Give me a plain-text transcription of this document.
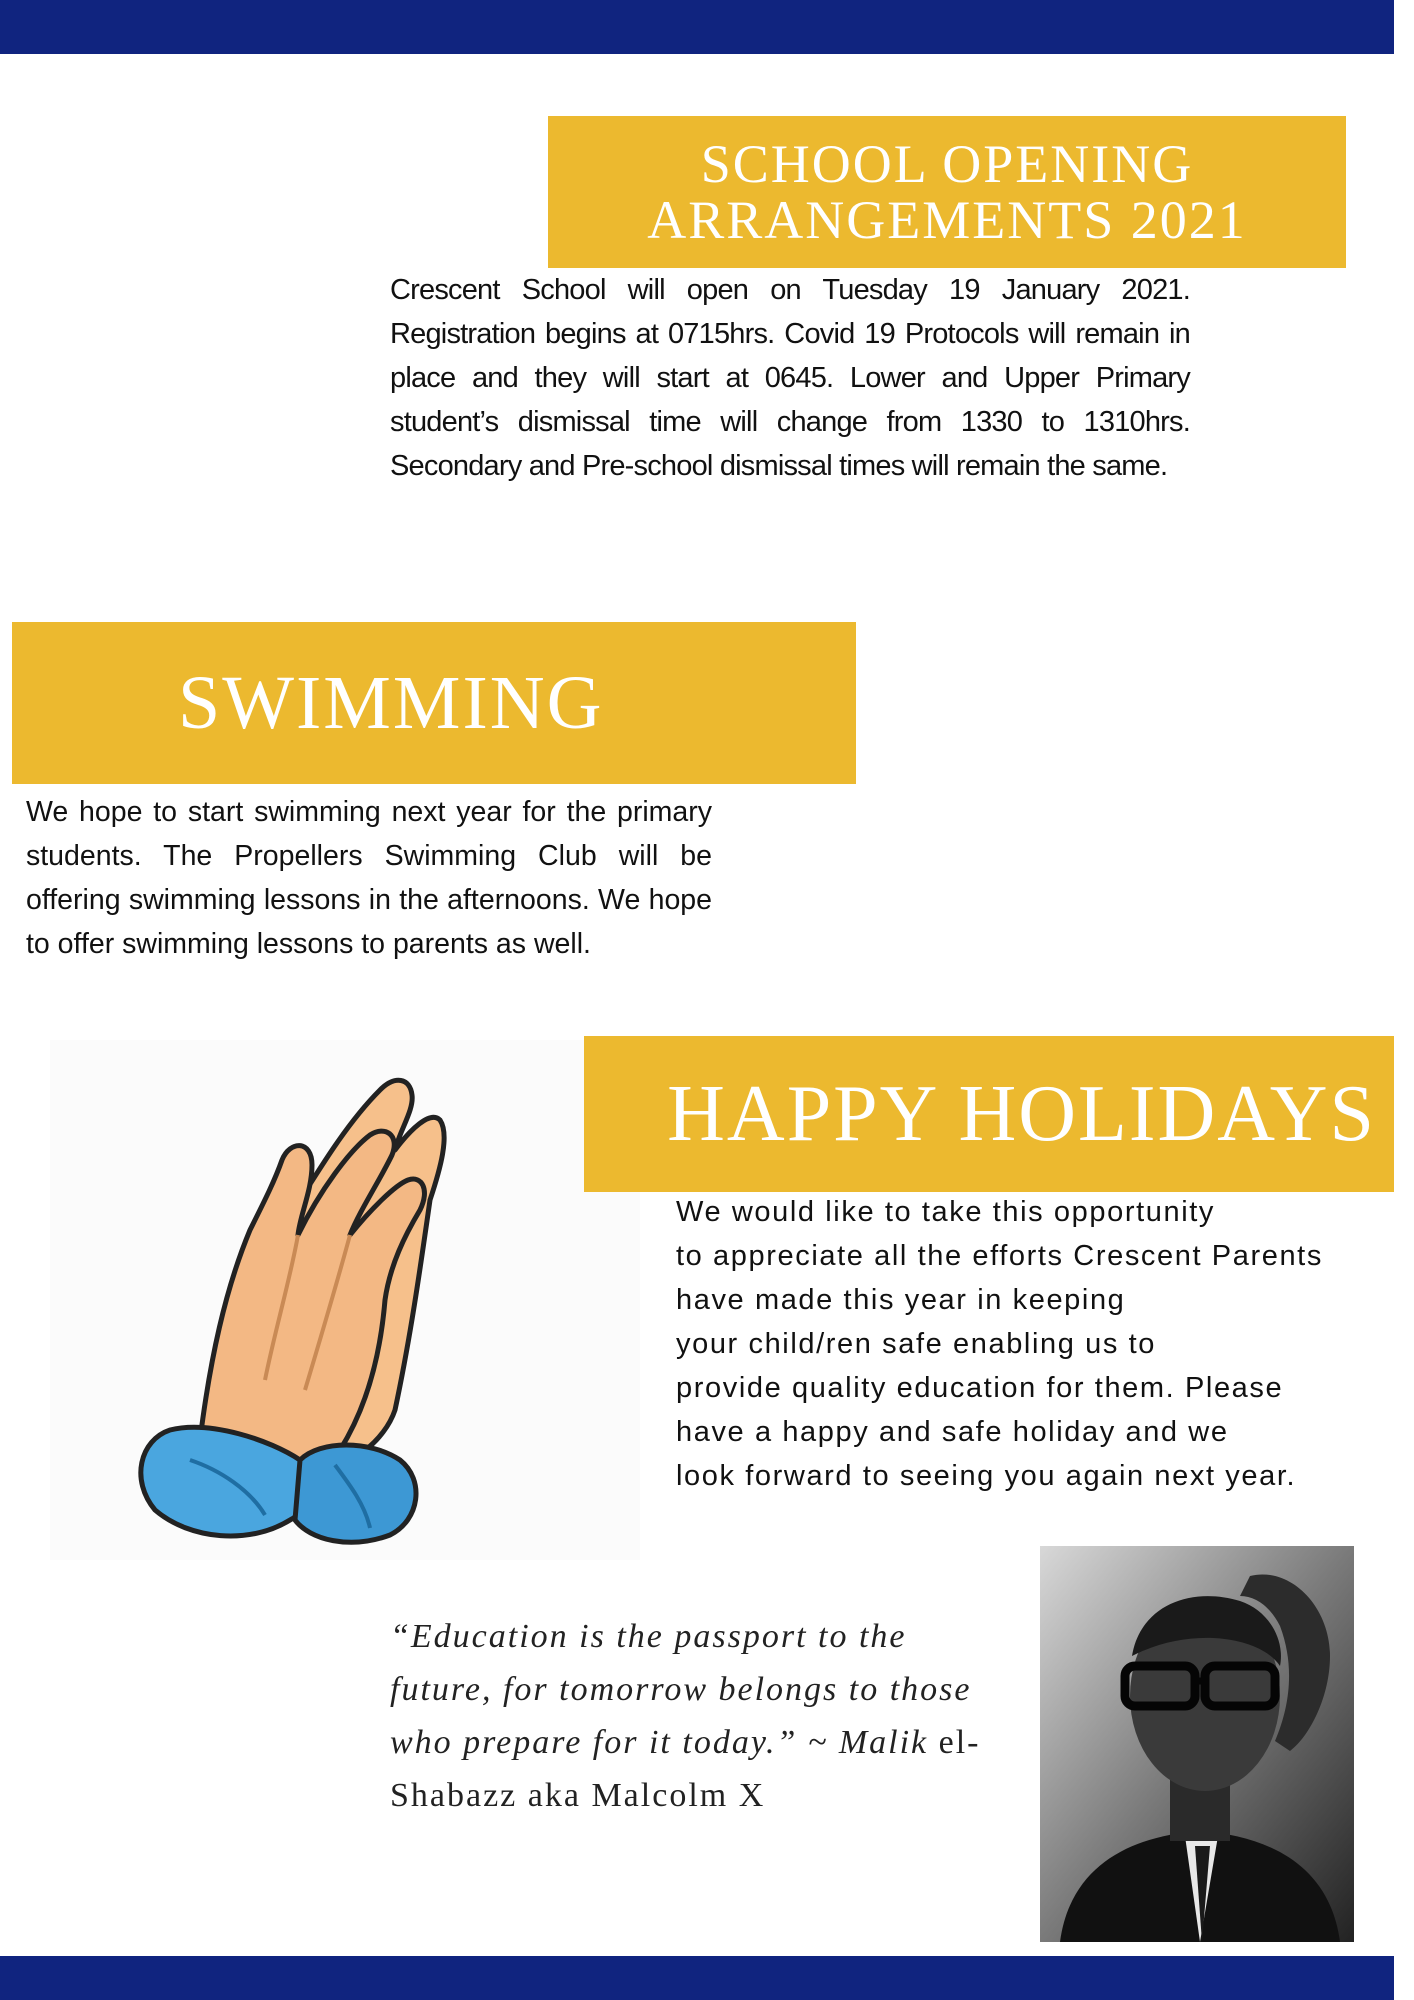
SCHOOL OPENING
ARRANGEMENTS 2021

Crescent School will open on Tuesday 19 January 2021. Registration begins at 0715hrs. Covid 19 Protocols will remain in place and they will start at 0645. Lower and Upper Primary student’s dismissal time will change from 1330 to 1310hrs. Secondary and Pre-school dismissal times will remain the same.

SWIMMING

We hope to start swimming next year for the primary students. The Propellers Swimming Club will be offering swimming lessons in the afternoons. We hope to offer swimming lessons to parents as well.

HAPPY HOLIDAYS

We would like to take this opportunity
to appreciate all the efforts Crescent Parents
have made this year in keeping
your child/ren safe enabling us to
provide quality education for them. Please
have a happy and safe holiday and we
look forward to seeing you again next year.

“Education is the passport to the future, for tomorrow belongs to those who prepare for it today.” ~ Malik el-Shabazz aka Malcolm X
